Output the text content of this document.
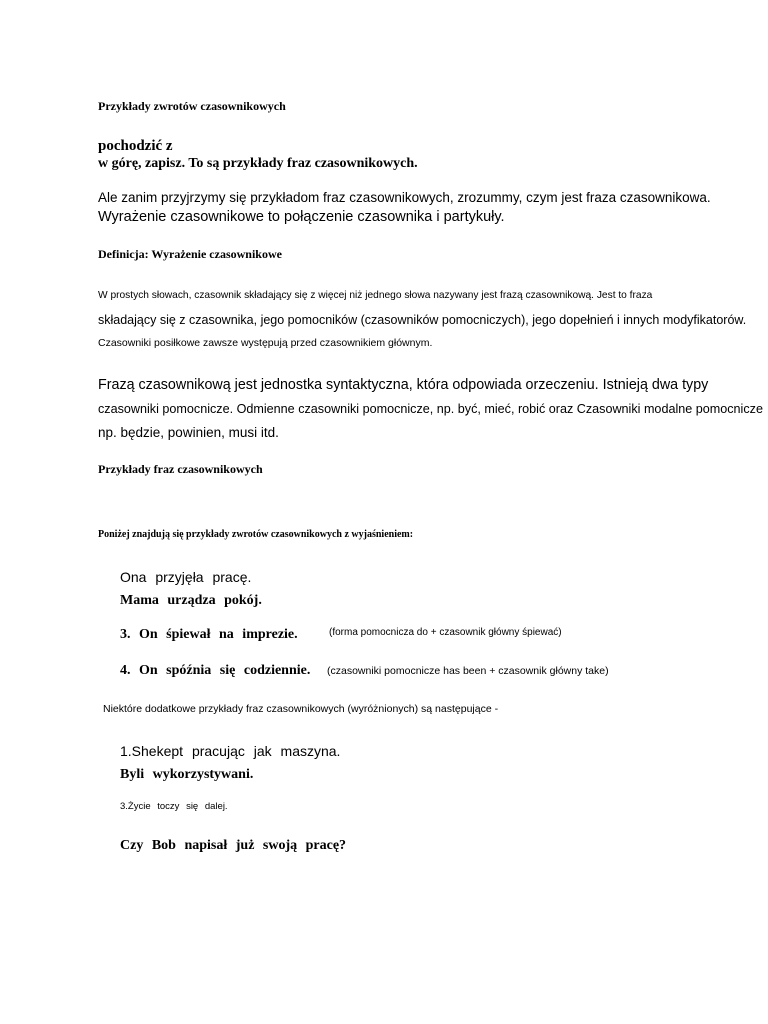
Przykłady zwrotów czasownikowych

pochodzić z

w górę, zapisz. To są przykłady fraz czasownikowych.

Ale zanim przyjrzymy się przykładom fraz czasownikowych, zrozummy, czym jest fraza czasownikowa.

Wyrażenie czasownikowe to połączenie czasownika i partykuły.

Definicja: Wyrażenie czasownikowe

W prostych słowach, czasownik składający się z więcej niż jednego słowa nazywany jest frazą czasownikową. Jest to fraza

składający się z czasownika, jego pomocników (czasowników pomocniczych), jego dopełnień i innych modyfikatorów.

Czasowniki posiłkowe zawsze występują przed czasownikiem głównym.

Frazą czasownikową jest jednostka syntaktyczna, która odpowiada orzeczeniu. Istnieją dwa typy

czasowniki pomocnicze. Odmienne czasowniki pomocnicze, np. być, mieć, robić oraz Czasowniki modalne pomocnicze

np. będzie, powinien, musi itd.

Przykłady fraz czasownikowych

Poniżej znajdują się przykłady zwrotów czasownikowych z wyjaśnieniem:

Ona przyjęła pracę.

Mama urządza pokój.

3. On śpiewał na imprezie.	(forma pomocnicza do + czasownik główny śpiewać)

4. On spóźnia się codziennie. (czasowniki pomocnicze has been + czasownik główny take)

Niektóre dodatkowe przykłady fraz czasownikowych (wyróżnionych) są następujące -

1.Shekept pracując jak maszyna.

Byli wykorzystywani.

3.Życie toczy się dalej.

Czy Bob napisał już swoją pracę?
